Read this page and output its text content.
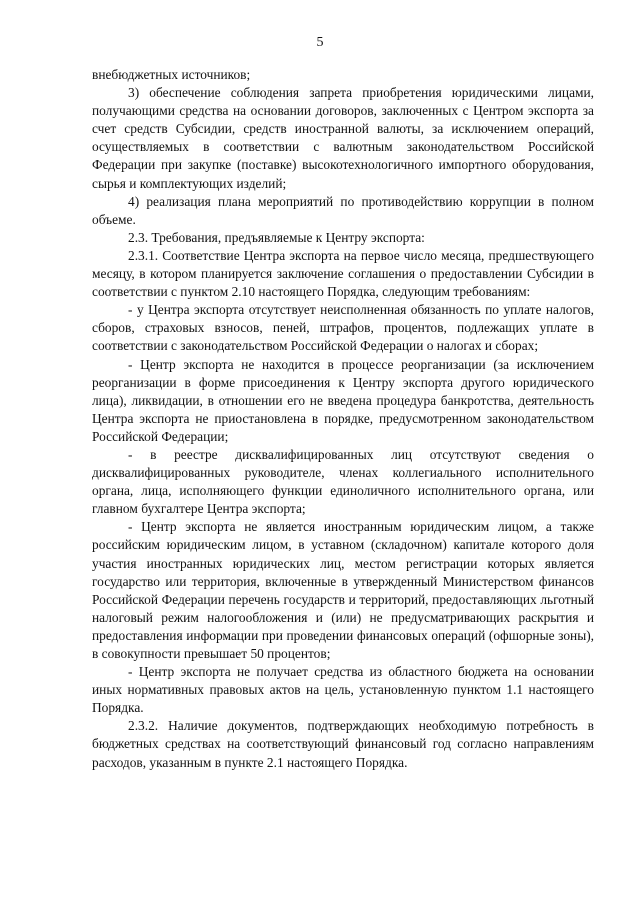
5

внебюджетных источников;

3) обеспечение соблюдения запрета приобретения юридическими лицами, получающими средства на основании договоров, заключенных с Центром экспорта за счет средств Субсидии, средств иностранной валюты, за исключением операций, осуществляемых в соответствии с валютным законодательством Российской Федерации при закупке (поставке) высокотехнологичного импортного оборудования, сырья и комплектующих изделий;

4) реализация плана мероприятий по противодействию коррупции в полном объеме.

2.3. Требования, предъявляемые к Центру экспорта:

2.3.1. Соответствие Центра экспорта на первое число месяца, предшествующего месяцу, в котором планируется заключение соглашения о предоставлении Субсидии в соответствии с пунктом 2.10 настоящего Порядка, следующим требованиям:

- у Центра экспорта отсутствует неисполненная обязанность по уплате налогов, сборов, страховых взносов, пеней, штрафов, процентов, подлежащих уплате в соответствии с законодательством Российской Федерации о налогах и сборах;

- Центр экспорта не находится в процессе реорганизации (за исключением реорганизации в форме присоединения к Центру экспорта другого юридического лица), ликвидации, в отношении его не введена процедура банкротства, деятельность Центра экспорта не приостановлена в порядке, предусмотренном законодательством Российской Федерации;

- в реестре дисквалифицированных лиц отсутствуют сведения о дисквалифицированных руководителе, членах коллегиального исполнительного органа, лица, исполняющего функции единоличного исполнительного органа, или главном бухгалтере Центра экспорта;

- Центр экспорта не является иностранным юридическим лицом, а также российским юридическим лицом, в уставном (складочном) капитале которого доля участия иностранных юридических лиц, местом регистрации которых является государство или территория, включенные в утвержденный Министерством финансов Российской Федерации перечень государств и территорий, предоставляющих льготный налоговый режим налогообложения и (или) не предусматривающих раскрытия и предоставления информации при проведении финансовых операций (офшорные зоны), в совокупности превышает 50 процентов;

- Центр экспорта не получает средства из областного бюджета на основании иных нормативных правовых актов на цель, установленную пунктом 1.1 настоящего Порядка.

2.3.2. Наличие документов, подтверждающих необходимую потребность в бюджетных средствах на соответствующий финансовый год согласно направлениям расходов, указанным в пункте 2.1 настоящего Порядка.
